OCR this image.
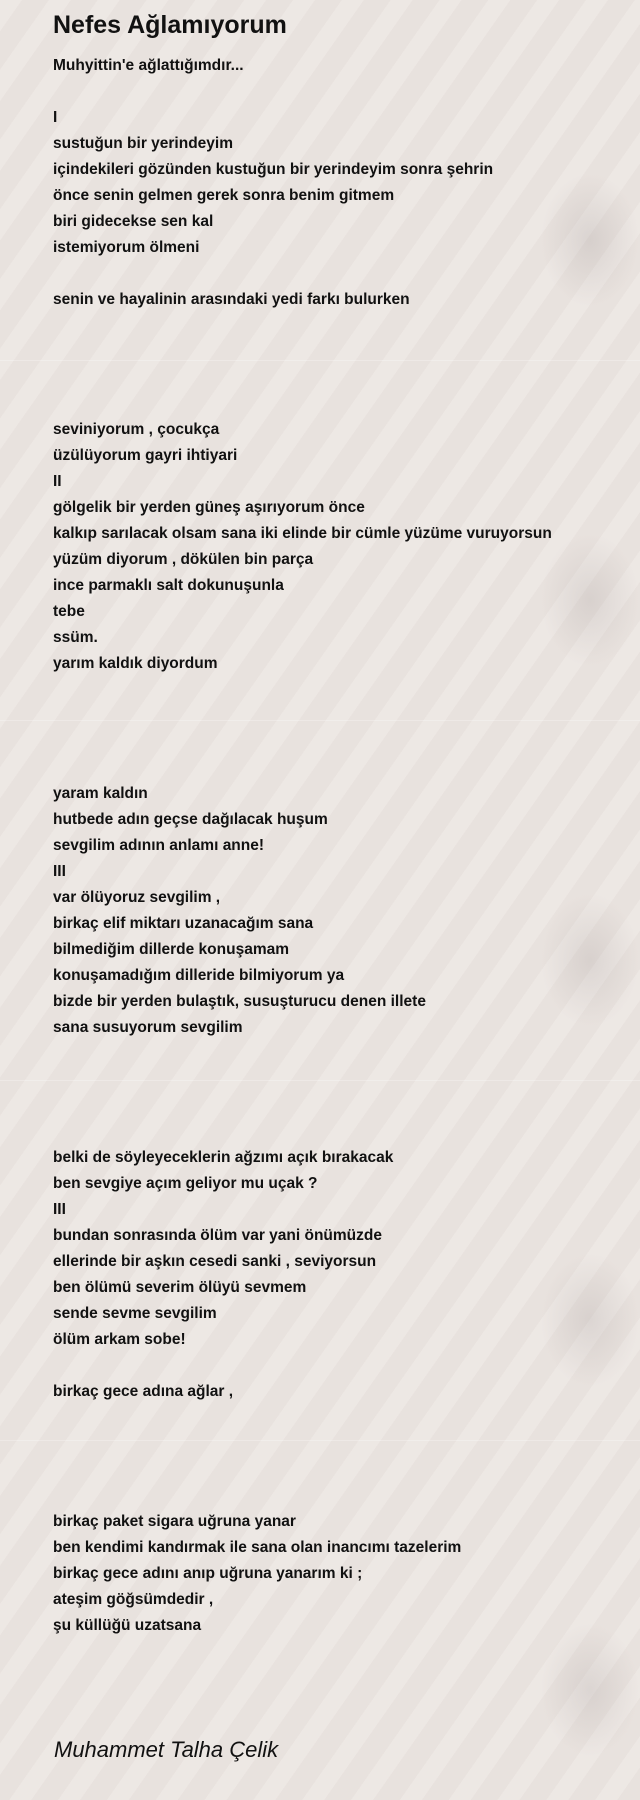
Nefes Ağlamıyorum
Muhyittin'e ağlattığımdır...
I
sustuğun bir yerindeyim
içindekileri gözünden kustuğun bir yerindeyim sonra şehrin
önce senin gelmen gerek sonra benim gitmem
biri gidecekse sen kal
istemiyorum ölmeni
senin ve hayalinin arasındaki yedi farkı bulurken
seviniyorum , çocukça
üzülüyorum gayri ihtiyari
II
gölgelik bir yerden güneş aşırıyorum önce
kalkıp sarılacak olsam sana iki elinde bir cümle yüzüme vuruyorsun
yüzüm diyorum , dökülen bin parça
ince parmaklı salt dokunuşunla
tebe
ssüm.
yarım kaldık diyordum
yaram kaldın
hutbede adın geçse dağılacak huşum
sevgilim adının anlamı anne!
III
var ölüyoruz sevgilim ,
birkaç elif miktarı uzanacağım sana
bilmediğim dillerde konuşamam
konuşamadığım dilleride bilmiyorum ya
bizde bir yerden bulaştık, susuşturucu denen illete
sana susuyorum sevgilim
belki de söyleyeceklerin ağzımı açık bırakacak
ben sevgiye açım geliyor mu uçak ?
III
bundan sonrasında ölüm var yani önümüzde
ellerinde bir aşkın cesedi sanki , seviyorsun
ben ölümü severim ölüyü sevmem
sende sevme sevgilim
ölüm arkam sobe!
birkaç gece adına ağlar ,
birkaç paket sigara uğruna yanar
ben kendimi kandırmak ile sana olan inancımı tazelerim
birkaç gece adını anıp uğruna yanarım ki ;
ateşim göğsümdedir ,
şu küllüğü uzatsana
Muhammet Talha Çelik
